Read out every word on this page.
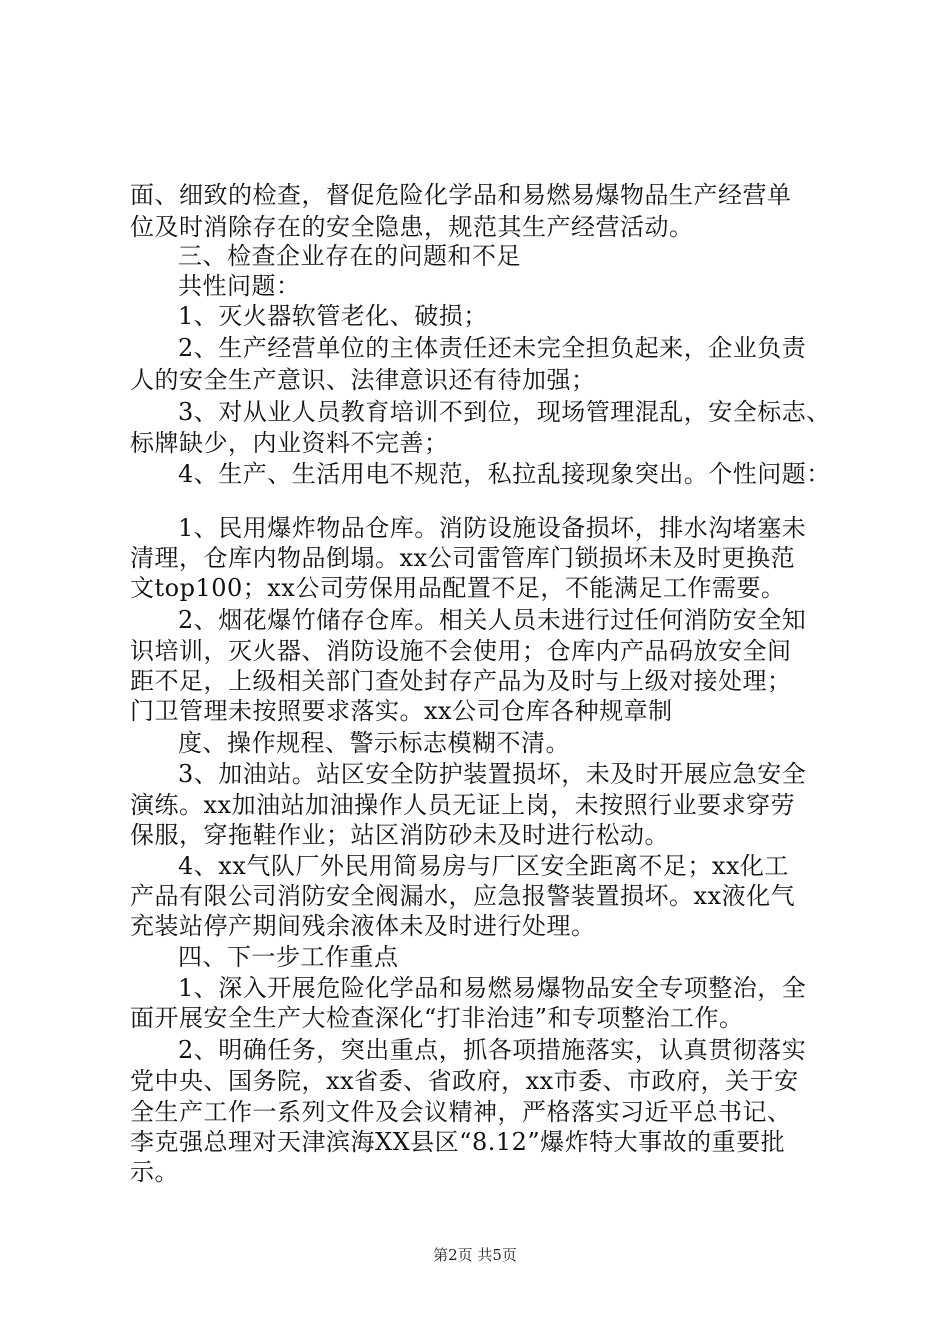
面、细致的检查，督促危险化学品和易燃易爆物品生产经营单
位及时消除存在的安全隐患，规范其生产经营活动。
三、检查企业存在的问题和不足
共性问题：
1、灭火器软管老化、破损；
2、生产经营单位的主体责任还未完全担负起来，企业负责
人的安全生产意识、法律意识还有待加强；
3、对从业人员教育培训不到位，现场管理混乱，安全标志、
标牌缺少，内业资料不完善；
4、生产、生活用电不规范，私拉乱接现象突出。个性问题：
1、民用爆炸物品仓库。消防设施设备损坏，排水沟堵塞未
清理，仓库内物品倒塌。xx公司雷管库门锁损坏未及时更换范
文top100；xx公司劳保用品配置不足，不能满足工作需要。
2、烟花爆竹储存仓库。相关人员未进行过任何消防安全知
识培训，灭火器、消防设施不会使用；仓库内产品码放安全间
距不足，上级相关部门查处封存产品为及时与上级对接处理；
门卫管理未按照要求落实。xx公司仓库各种规章制
度、操作规程、警示标志模糊不清。
3、加油站。站区安全防护装置损坏，未及时开展应急安全
演练。xx加油站加油操作人员无证上岗，未按照行业要求穿劳
保服，穿拖鞋作业；站区消防砂未及时进行松动。
4、xx气队厂外民用简易房与厂区安全距离不足；xx化工
产品有限公司消防安全阀漏水，应急报警装置损坏。xx液化气
充装站停产期间残余液体未及时进行处理。
四、下一步工作重点
1、深入开展危险化学品和易燃易爆物品安全专项整治，全
面开展安全生产大检查深化“打非治违”和专项整治工作。
2、明确任务，突出重点，抓各项措施落实，认真贯彻落实
党中央、国务院，xx省委、省政府，xx市委、市政府，关于安
全生产工作一系列文件及会议精神，严格落实习近平总书记、
李克强总理对天津滨海XX县区“8.12”爆炸特大事故的重要批
示。
第2页 共5页
